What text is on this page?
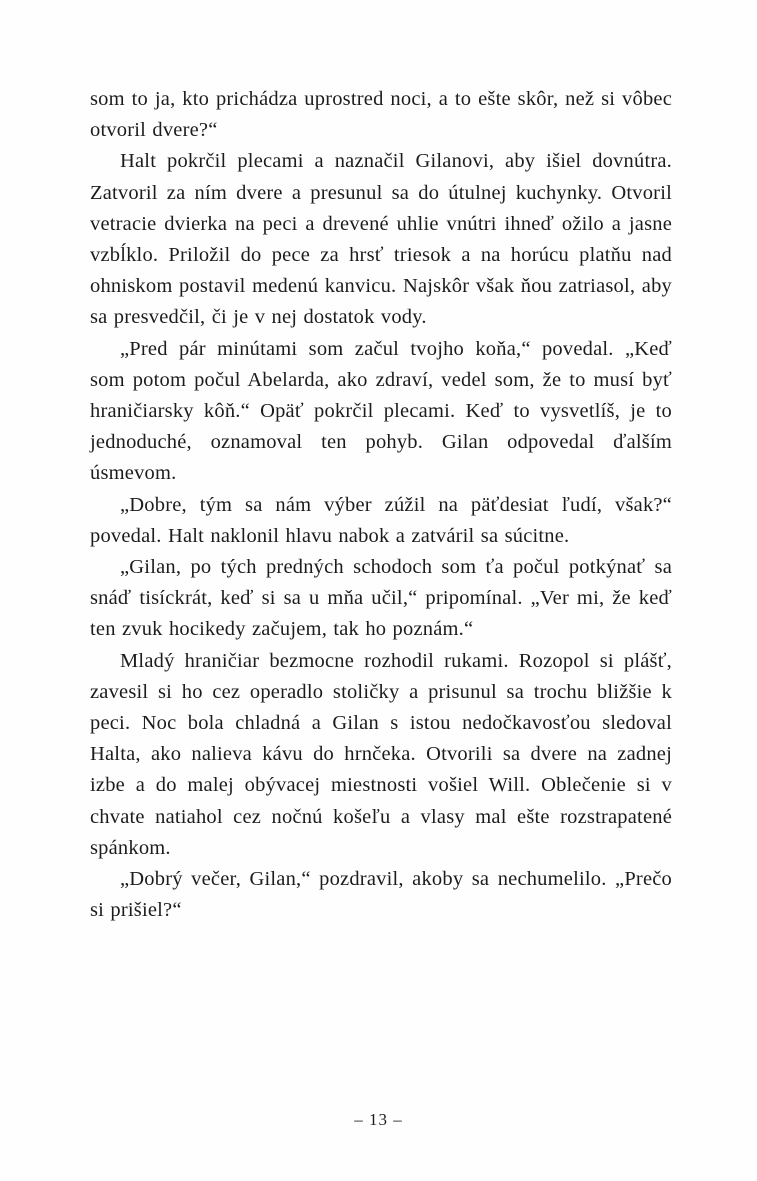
som to ja, kto prichádza uprostred noci, a to ešte skôr, než si vôbec otvoril dvere?“

Halt pokrčil plecami a naznačil Gilanovi, aby išiel dovnútra. Zatvoril za ním dvere a presunul sa do útulnej kuchynky. Otvoril vetracie dvierka na peci a drevené uhlie vnútri ihneď ožilo a jasne vzbĺklo. Priložil do pece za hrsť triesok a na horúcu platňu nad ohniskom postavil medenú kanvicu. Najskôr však ňou zatriasol, aby sa presvedčil, či je v nej dostatok vody.

„Pred pár minútami som začul tvojho koňa,“ povedal. „Keď som potom počul Abelarda, ako zdraví, vedel som, že to musí byť hraničiarsky kôň.“ Opäť pokrčil plecami. Keď to vysvetlíš, je to jednoduché, oznamoval ten pohyb. Gilan odpovedal ďalším úsmevom.

„Dobre, tým sa nám výber zúžil na päťdesiat ľudí, však?“ povedal. Halt naklonil hlavu nabok a zatváril sa súcitne.

„Gilan, po tých predných schodoch som ťa počul potkýnať sa snáď tisíckrát, keď si sa u mňa učil,“ pripomínal. „Ver mi, že keď ten zvuk hocikedy začujem, tak ho poznám.“

Mladý hraničiar bezmocne rozhodil rukami. Rozopol si plášť, zavesil si ho cez operadlo stoličky a prisunul sa trochu bližšie k peci. Noc bola chladná a Gilan s istou nedočkavosťou sledoval Halta, ako nalieva kávu do hrnčeka. Otvorili sa dvere na zadnej izbe a do malej obývacej miestnosti vošiel Will. Oblečenie si v chvate natiahol cez nočnú košeľu a vlasy mal ešte rozstrapatené spánkom.

„Dobrý večer, Gilan,“ pozdravil, akoby sa nechumelilo. „Prečo si prišiel?“

– 13 –
